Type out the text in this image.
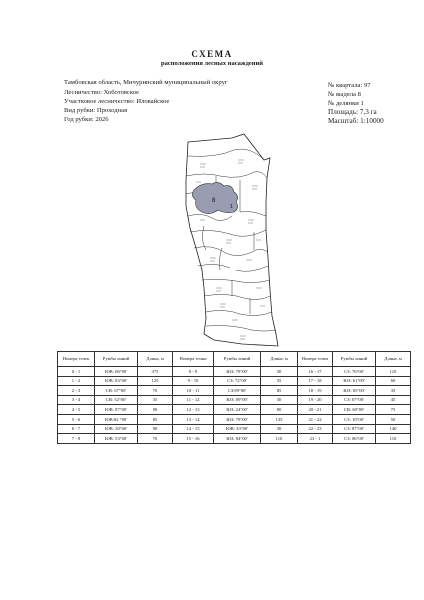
СХЕМА
расположения лесных насаждений
Тамбовская область, Мичуринский муниципальный округ
Лесничество: Хоботовское
Участковое лесничество: Иловайское
Вид рубки: Проходная
Год рубки: 2026
№ квартала: 97
№ выдела 8
№ делянки 1
Площадь: 7,3 га
Масштаб: 1:10000
8
1
Номера точек	Румбы линий	Длина, м	Номера точки	Румбы линий	Длина, м	Номера точек	Румбы линий	Длина, м
0 - 1	ЮВ: 06°00'	375	8 - 9	ЮЗ: 78°00'	50	16 - 17	СЗ: 76°00'	110
1 - 2	ЮВ: 83°00'	125	9 - 10	СЗ: 72°00'	35	17 - 18	ЮЗ: 61°00'	60
2 - 3	СВ: 67°00'	70	10 - 11	СЗ:89°00'	85	18 - 19	ЮЗ: 85°00'	35
3 - 4	СВ: 52°00'	35	11 - 12	ЮЗ: 09°00'	30	19 - 20	СЗ: 07°00'	45
4 - 5	ЮВ: 87°00'	90	12 - 13	ЮЗ: 24°00'	80	20 - 21	СВ: 60°00'	75
5 - 6	ЮВ:82 °00'	85	13 - 14	ЮЗ: 78°00'	135	21 - 22	СЗ: 10°00'	50
6 - 7	ЮВ: 30°00'	90	14 - 15	ЮВ: 33°00'	30	22 - 23	СЗ: 87°00'	140
7 - 8	ЮВ: 53°00'	70	15 - 16	ЮЗ: 84°00'	110	23 - 1	СЗ: 06°00'	110
